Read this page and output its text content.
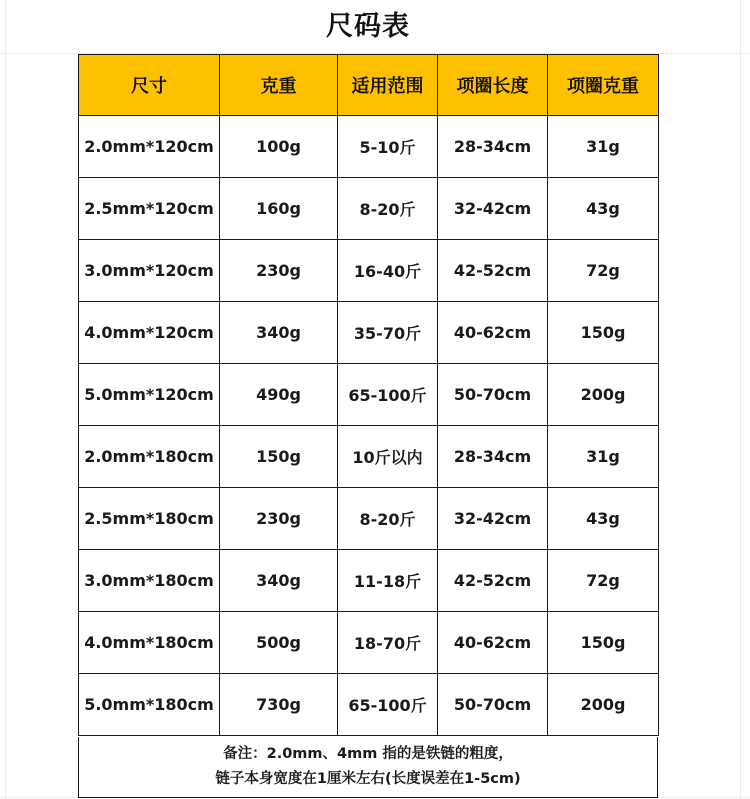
尺码表
尺寸	克重	适用范围	项圈长度	项圈克重
2.0mm*120cm	100g	5-10斤	28-34cm	31g
2.5mm*120cm	160g	8-20斤	32-42cm	43g
3.0mm*120cm	230g	16-40斤	42-52cm	72g
4.0mm*120cm	340g	35-70斤	40-62cm	150g
5.0mm*120cm	490g	65-100斤	50-70cm	200g
2.0mm*180cm	150g	10斤以内	28-34cm	31g
2.5mm*180cm	230g	8-20斤	32-42cm	43g
3.0mm*180cm	340g	11-18斤	42-52cm	72g
4.0mm*180cm	500g	18-70斤	40-62cm	150g
5.0mm*180cm	730g	65-100斤	50-70cm	200g
备注：2.0mm、4mm 指的是铁链的粗度，
链子本身宽度在1厘米左右(长度误差在1-5cm)
